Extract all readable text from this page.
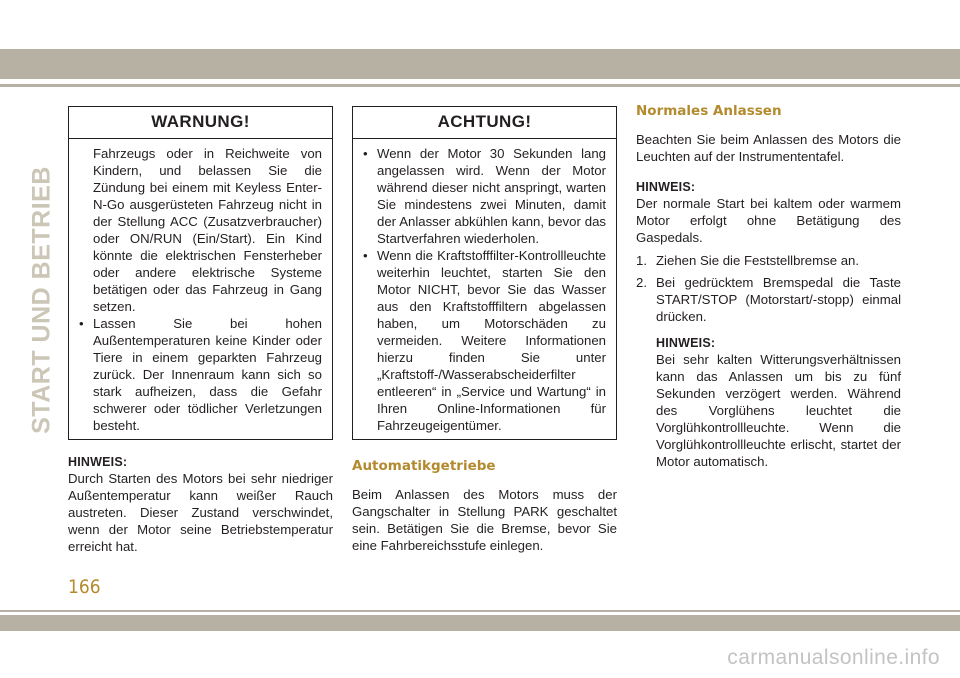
START UND BETRIEB
WARNUNG!
Fahrzeugs oder in Reichweite von Kindern, und belassen Sie die Zündung bei einem mit Keyless Enter-N-Go ausgerüsteten Fahrzeug nicht in der Stellung ACC (Zusatzverbraucher) oder ON/RUN (Ein/Start). Ein Kind könnte die elektrischen Fensterheber oder andere elektrische Systeme betätigen oder das Fahrzeug in Gang setzen.
• Lassen Sie bei hohen Außentemperaturen keine Kinder oder Tiere in einem geparkten Fahrzeug zurück. Der Innenraum kann sich so stark aufheizen, dass die Gefahr schwerer oder tödlicher Verletzungen besteht.
HINWEIS:

Durch Starten des Motors bei sehr niedriger Außentemperatur kann weißer Rauch austreten. Dieser Zustand verschwindet, wenn der Motor seine Betriebstemperatur erreicht hat.

ACHTUNG!
• Wenn der Motor 30 Sekunden lang angelassen wird. Wenn der Motor während dieser nicht anspringt, warten Sie mindestens zwei Minuten, damit der Anlasser abkühlen kann, bevor das Startverfahren wiederholen.
• Wenn die Kraftstofffilter-Kontrollleuchte weiterhin leuchtet, starten Sie den Motor NICHT, bevor Sie das Wasser aus den Kraftstofffiltern abgelassen haben, um Motorschäden zu vermeiden. Weitere Informationen hierzu finden Sie unter „Kraftstoff-/Wasserabscheiderfilter entleeren“ in „Service und Wartung“ in Ihren Online-Informationen für Fahrzeugeigentümer.
Automatikgetriebe

Beim Anlassen des Motors muss der Gangschalter in Stellung PARK geschaltet sein. Betätigen Sie die Bremse, bevor Sie eine Fahrbereichsstufe einlegen.

Normales Anlassen

Beachten Sie beim Anlassen des Motors die Leuchten auf der Instrumententafel.

HINWEIS:

Der normale Start bei kaltem oder warmem Motor erfolgt ohne Betätigung des Gaspedals.

1. Ziehen Sie die Feststellbremse an.
2. Bei gedrücktem Bremspedal die Taste START/STOP (Motorstart/-stopp) einmal drücken.
HINWEIS:

Bei sehr kalten Witterungsverhältnissen kann das Anlassen um bis zu fünf Sekunden verzögert werden. Während des Vorglühens leuchtet die Vorglühkontrollleuchte. Wenn die Vorglühkontrollleuchte erlischt, startet der Motor automatisch.

166
carmanualsonline.info
